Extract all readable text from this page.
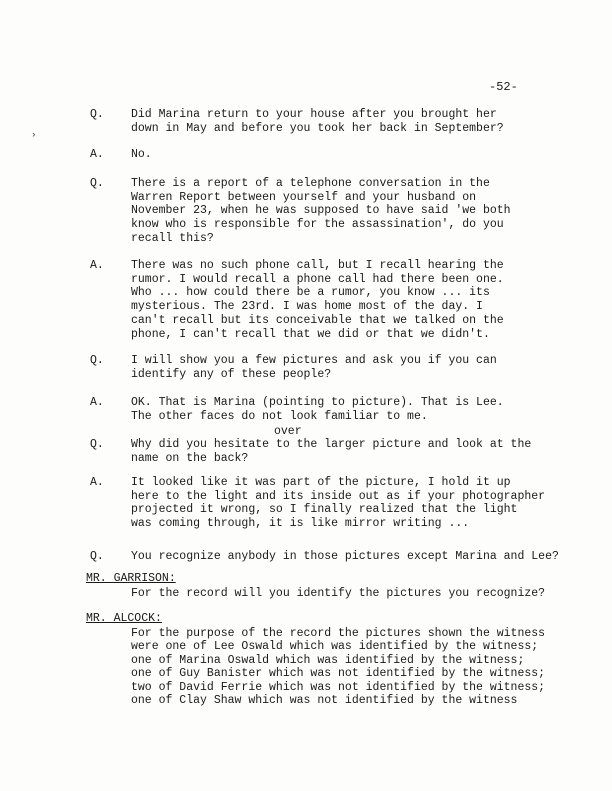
›
-52-
Q. Did Marina return to your house after you brought her
down in May and before you took her back in September?
A. No.
Q. There is a report of a telephone conversation in the
Warren Report between yourself and your husband on
November 23, when he was supposed to have said 'we both
know who is responsible for the assassination', do you
recall this?
A. There was no such phone call, but I recall hearing the
rumor. I would recall a phone call had there been one.
Who ... how could there be a rumor, you know ... its
mysterious. The 23rd. I was home most of the day. I
can't recall but its conceivable that we talked on the
phone, I can't recall that we did or that we didn't.
Q. I will show you a few pictures and ask you if you can
identify any of these people?
A. OK. That is Marina (pointing to picture). That is Lee.
The other faces do not look familiar to me.
over
Q. Why did you hesitate to the larger picture and look at the
name on the back?
A. It looked like it was part of the picture, I hold it up
here to the light and its inside out as if your photographer
projected it wrong, so I finally realized that the light
was coming through, it is like mirror writing ...
Q. You recognize anybody in those pictures except Marina and Lee?
MR. GARRISON:
For the record will you identify the pictures you recognize?
MR. ALCOCK:
For the purpose of the record the pictures shown the witness
were one of Lee Oswald which was identified by the witness;
one of Marina Oswald which was identified by the witness;
one of Guy Banister which was not identified by the witness;
two of David Ferrie which was not identified by the witness;
one of Clay Shaw which was not identified by the witness
